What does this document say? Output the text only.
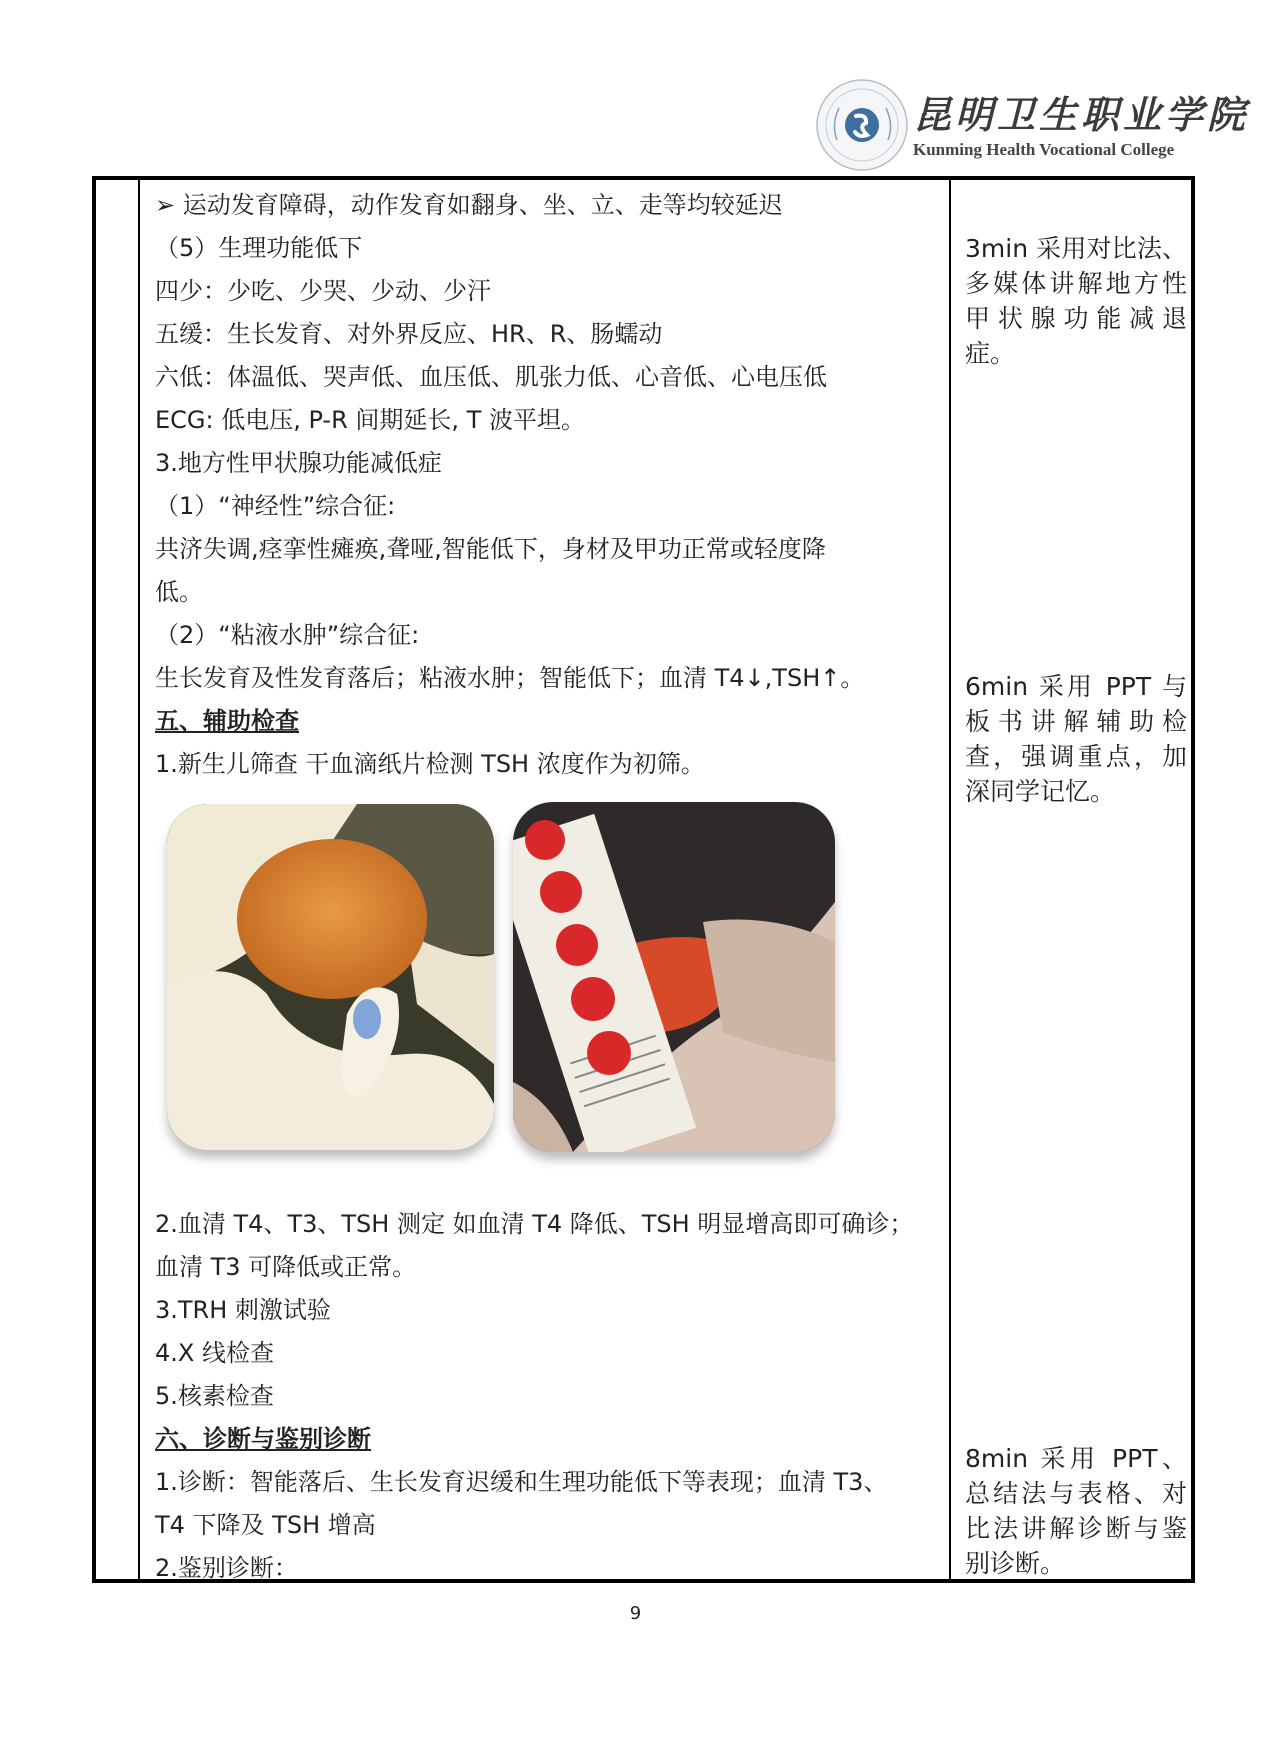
昆明卫生职业学院
Kunming Health Vocational College
➢ 运动发育障碍，动作发育如翻身、坐、立、走等均较延迟
（5）生理功能低下
四少：少吃、少哭、少动、少汗
五缓：生长发育、对外界反应、HR、R、肠蠕动
六低：体温低、哭声低、血压低、肌张力低、心音低、心电压低
ECG: 低电压, P-R 间期延长, T 波平坦。
3.地方性甲状腺功能减低症
（1）“神经性”综合征:
共济失调,痉挛性瘫痪,聋哑,智能低下，身材及甲功正常或轻度降
低。
（2）“粘液水肿”综合征:
生长发育及性发育落后；粘液水肿；智能低下；血清 T4↓,TSH↑。
五、辅助检查
1.新生儿筛查 干血滴纸片检测 TSH 浓度作为初筛。
2.血清 T4、T3、TSH 测定 如血清 T4 降低、TSH 明显增高即可确诊；
血清 T3 可降低或正常。
3.TRH 刺激试验
4.X 线检查
5.核素检查
六、诊断与鉴别诊断
1.诊断：智能落后、生长发育迟缓和生理功能低下等表现；血清 T3、
T4 下降及 TSH 增高
2.鉴别诊断：
3min 采用对比法、多媒体讲解地方性甲状腺功能减退症。
6min 采用 PPT 与板书讲解辅助检查，强调重点，加深同学记忆。
8min 采用 PPT、总结法与表格、对比法讲解诊断与鉴别诊断。
9
